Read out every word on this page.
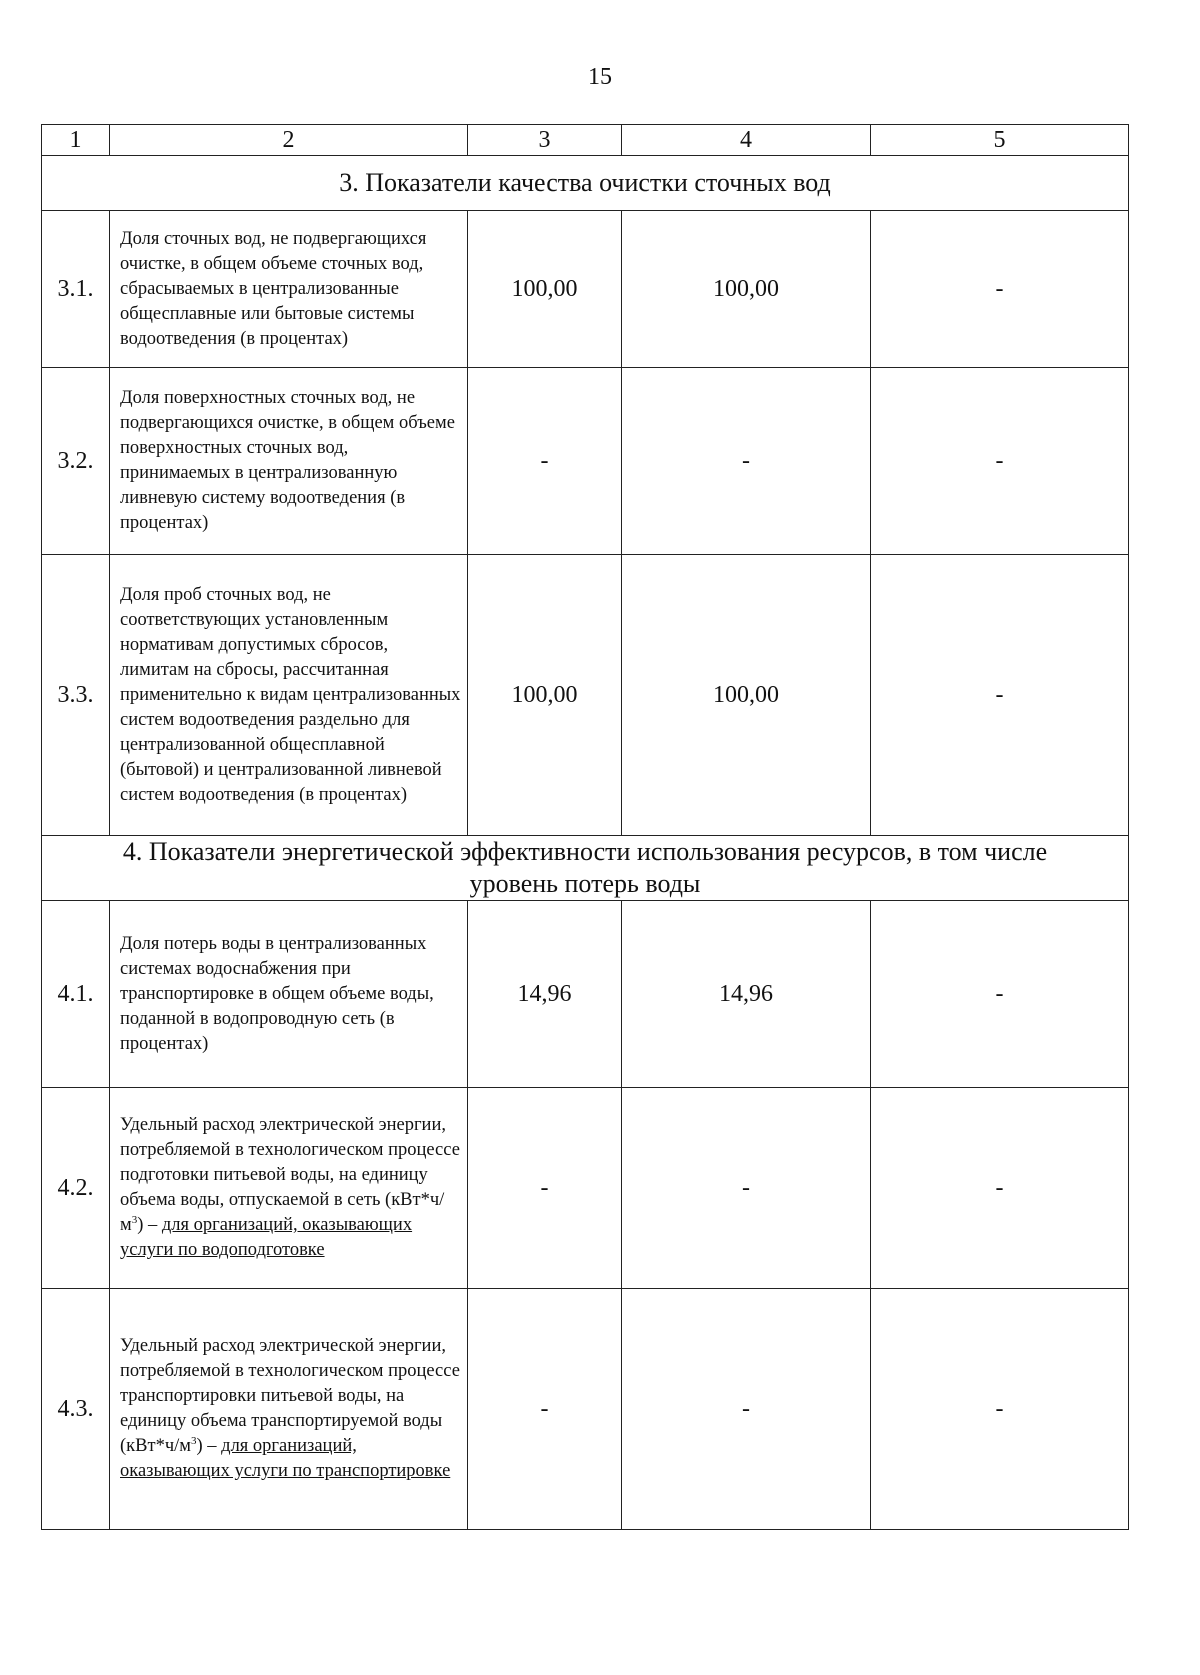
15
1	2	3	4	5
3. Показатели качества очистки сточных вод				
3.1.	Доля сточных вод, не подвергающихся очистке, в общем объеме сточных вод, сбрасываемых в централизованные общесплавные или бытовые системы водоотведения (в процентах)	100,00	100,00	-
3.2.	Доля поверхностных сточных вод, не подвергающихся очистке, в общем объеме поверхностных сточных вод, принимаемых в централизованную ливневую систему водоотведения (в процентах)	-	-	-
3.3.	Доля проб сточных вод, не соответствующих установленным нормативам допустимых сбросов, лимитам на сбросы, рассчитанная применительно к видам централизованных систем водоотведения раздельно для централизованной общесплавной (бытовой) и централизованной ливневой систем водоотведения (в процентах)	100,00	100,00	-
4. Показатели энергетической эффективности использования ресурсов, в том числе уровень потерь воды				
4.1.	Доля потерь воды в централизованных системах водоснабжения при транспортировке в общем объеме воды, поданной в водопроводную сеть (в процентах)	14,96	14,96	-
4.2.	Удельный расход электрической энергии, потребляемой в технологическом процессе подготовки питьевой воды, на единицу объема воды, отпускаемой в сеть $(кВт*ч/м^3)$ – для организаций, оказывающих услуги по водоподготовке	-	-	-
4.3.	Удельный расход электрической энергии, потребляемой в технологическом процессе транспортировки питьевой воды, на единицу объема транспортируемой воды $(кВт*ч/м^3)$ – для организаций, оказывающих услуги по транспортировке	-	-	-
